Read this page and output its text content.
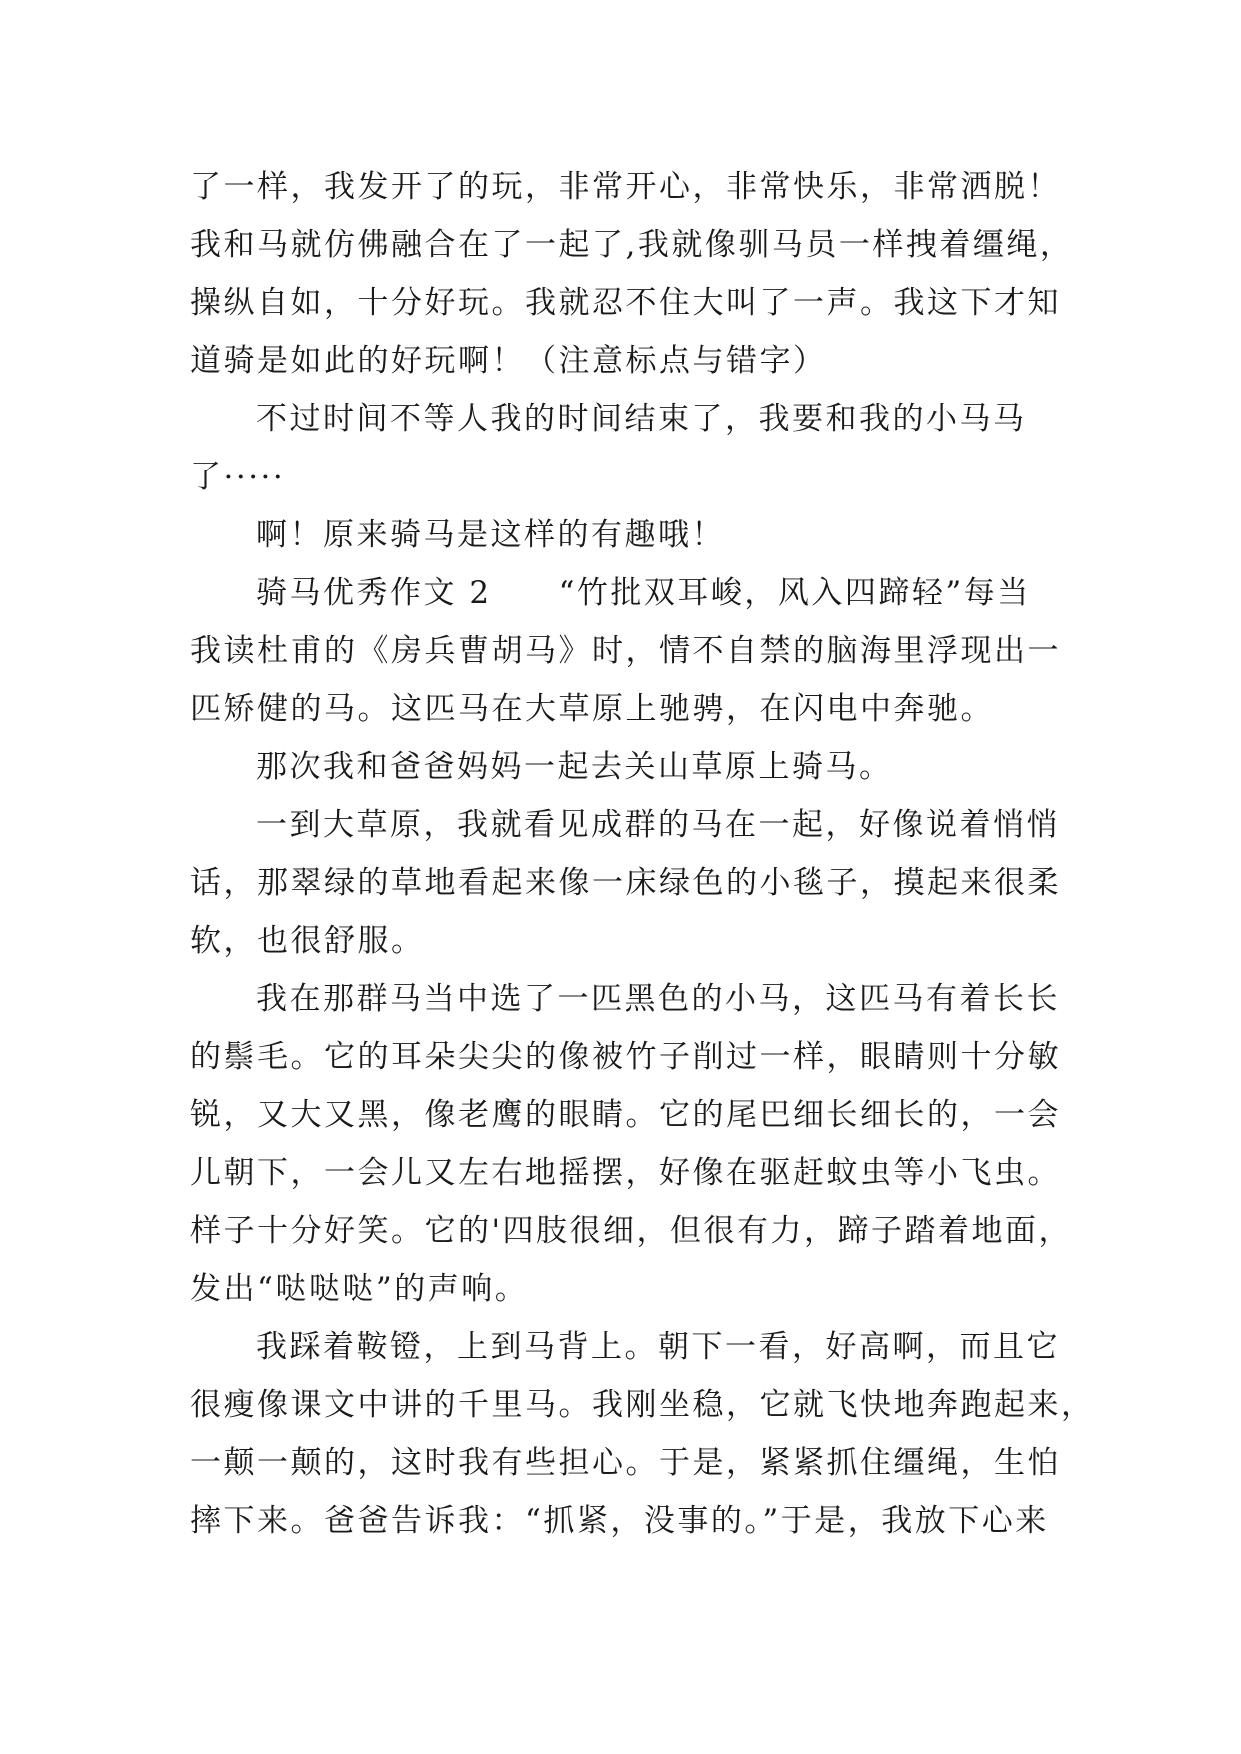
了一样，我发开了的玩，非常开心，非常快乐，非常洒脱！
我和马就仿佛融合在了一起了,我就像驯马员一样拽着缰绳，
操纵自如，十分好玩。我就忍不住大叫了一声。我这下才知
道骑是如此的好玩啊！（注意标点与错字）
不过时间不等人我的时间结束了，我要和我的小马马
了·····
啊！原来骑马是这样的有趣哦！
骑马优秀作文 2　　“竹批双耳峻，风入四蹄轻”每当
我读杜甫的《房兵曹胡马》时，情不自禁的脑海里浮现出一
匹矫健的马。这匹马在大草原上驰骋，在闪电中奔驰。
那次我和爸爸妈妈一起去关山草原上骑马。
一到大草原，我就看见成群的马在一起，好像说着悄悄
话，那翠绿的草地看起来像一床绿色的小毯子，摸起来很柔
软，也很舒服。
我在那群马当中选了一匹黑色的小马，这匹马有着长长
的鬃毛。它的耳朵尖尖的像被竹子削过一样，眼睛则十分敏
锐，又大又黑，像老鹰的眼睛。它的尾巴细长细长的，一会
儿朝下，一会儿又左右地摇摆，好像在驱赶蚊虫等小飞虫。
样子十分好笑。它的'四肢很细，但很有力，蹄子踏着地面，
发出“哒哒哒”的声响。
我踩着鞍镫，上到马背上。朝下一看，好高啊，而且它
很瘦像课文中讲的千里马。我刚坐稳，它就飞快地奔跑起来，
一颠一颠的，这时我有些担心。于是，紧紧抓住缰绳，生怕
摔下来。爸爸告诉我：“抓紧，没事的。”于是，我放下心来
